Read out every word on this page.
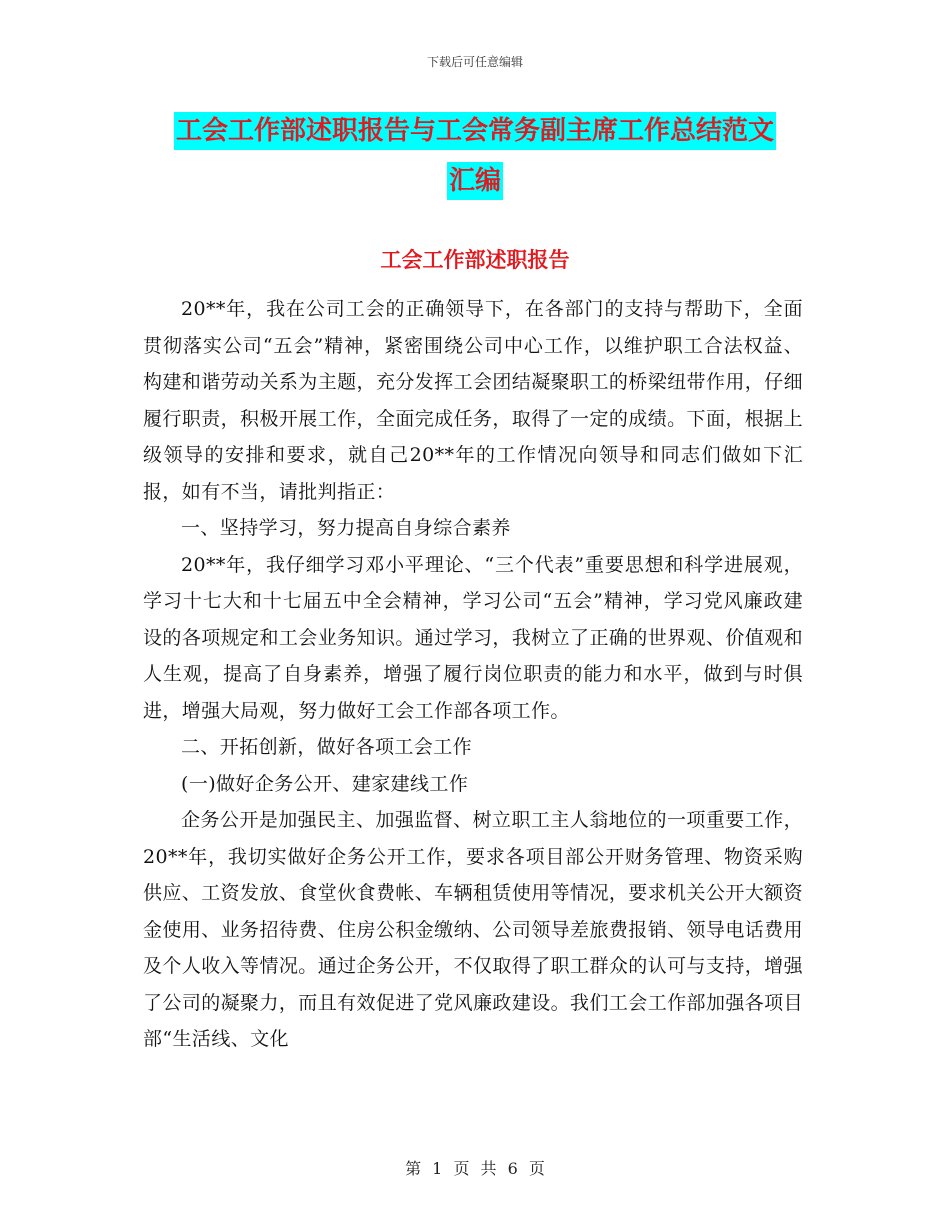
下载后可任意编辑
工会工作部述职报告与工会常务副主席工作总结范文
汇编
工会工作部述职报告

20**年，我在公司工会的正确领导下，在各部门的支持与帮助下，全面贯彻落实公司“五会”精神，紧密围绕公司中心工作，以维护职工合法权益、构建和谐劳动关系为主题，充分发挥工会团结凝聚职工的桥梁纽带作用，仔细履行职责，积极开展工作，全面完成任务，取得了一定的成绩。下面，根据上级领导的安排和要求，就自己20**年的工作情况向领导和同志们做如下汇报，如有不当，请批判指正：

一、坚持学习，努力提高自身综合素养

20**年，我仔细学习邓小平理论、“三个代表”重要思想和科学进展观，学习十七大和十七届五中全会精神，学习公司“五会”精神，学习党风廉政建设的各项规定和工会业务知识。通过学习，我树立了正确的世界观、价值观和人生观，提高了自身素养，增强了履行岗位职责的能力和水平，做到与时俱进，增强大局观，努力做好工会工作部各项工作。

二、开拓创新，做好各项工会工作

(一)做好企务公开、建家建线工作

企务公开是加强民主、加强监督、树立职工主人翁地位的一项重要工作，20**年，我切实做好企务公开工作，要求各项目部公开财务管理、物资采购供应、工资发放、食堂伙食费帐、车辆租赁使用等情况，要求机关公开大额资金使用、业务招待费、住房公积金缴纳、公司领导差旅费报销、领导电话费用及个人收入等情况。通过企务公开，不仅取得了职工群众的认可与支持，增强了公司的凝聚力，而且有效促进了党风廉政建设。我们工会工作部加强各项目部“生活线、文化

第 1 页 共 6 页
